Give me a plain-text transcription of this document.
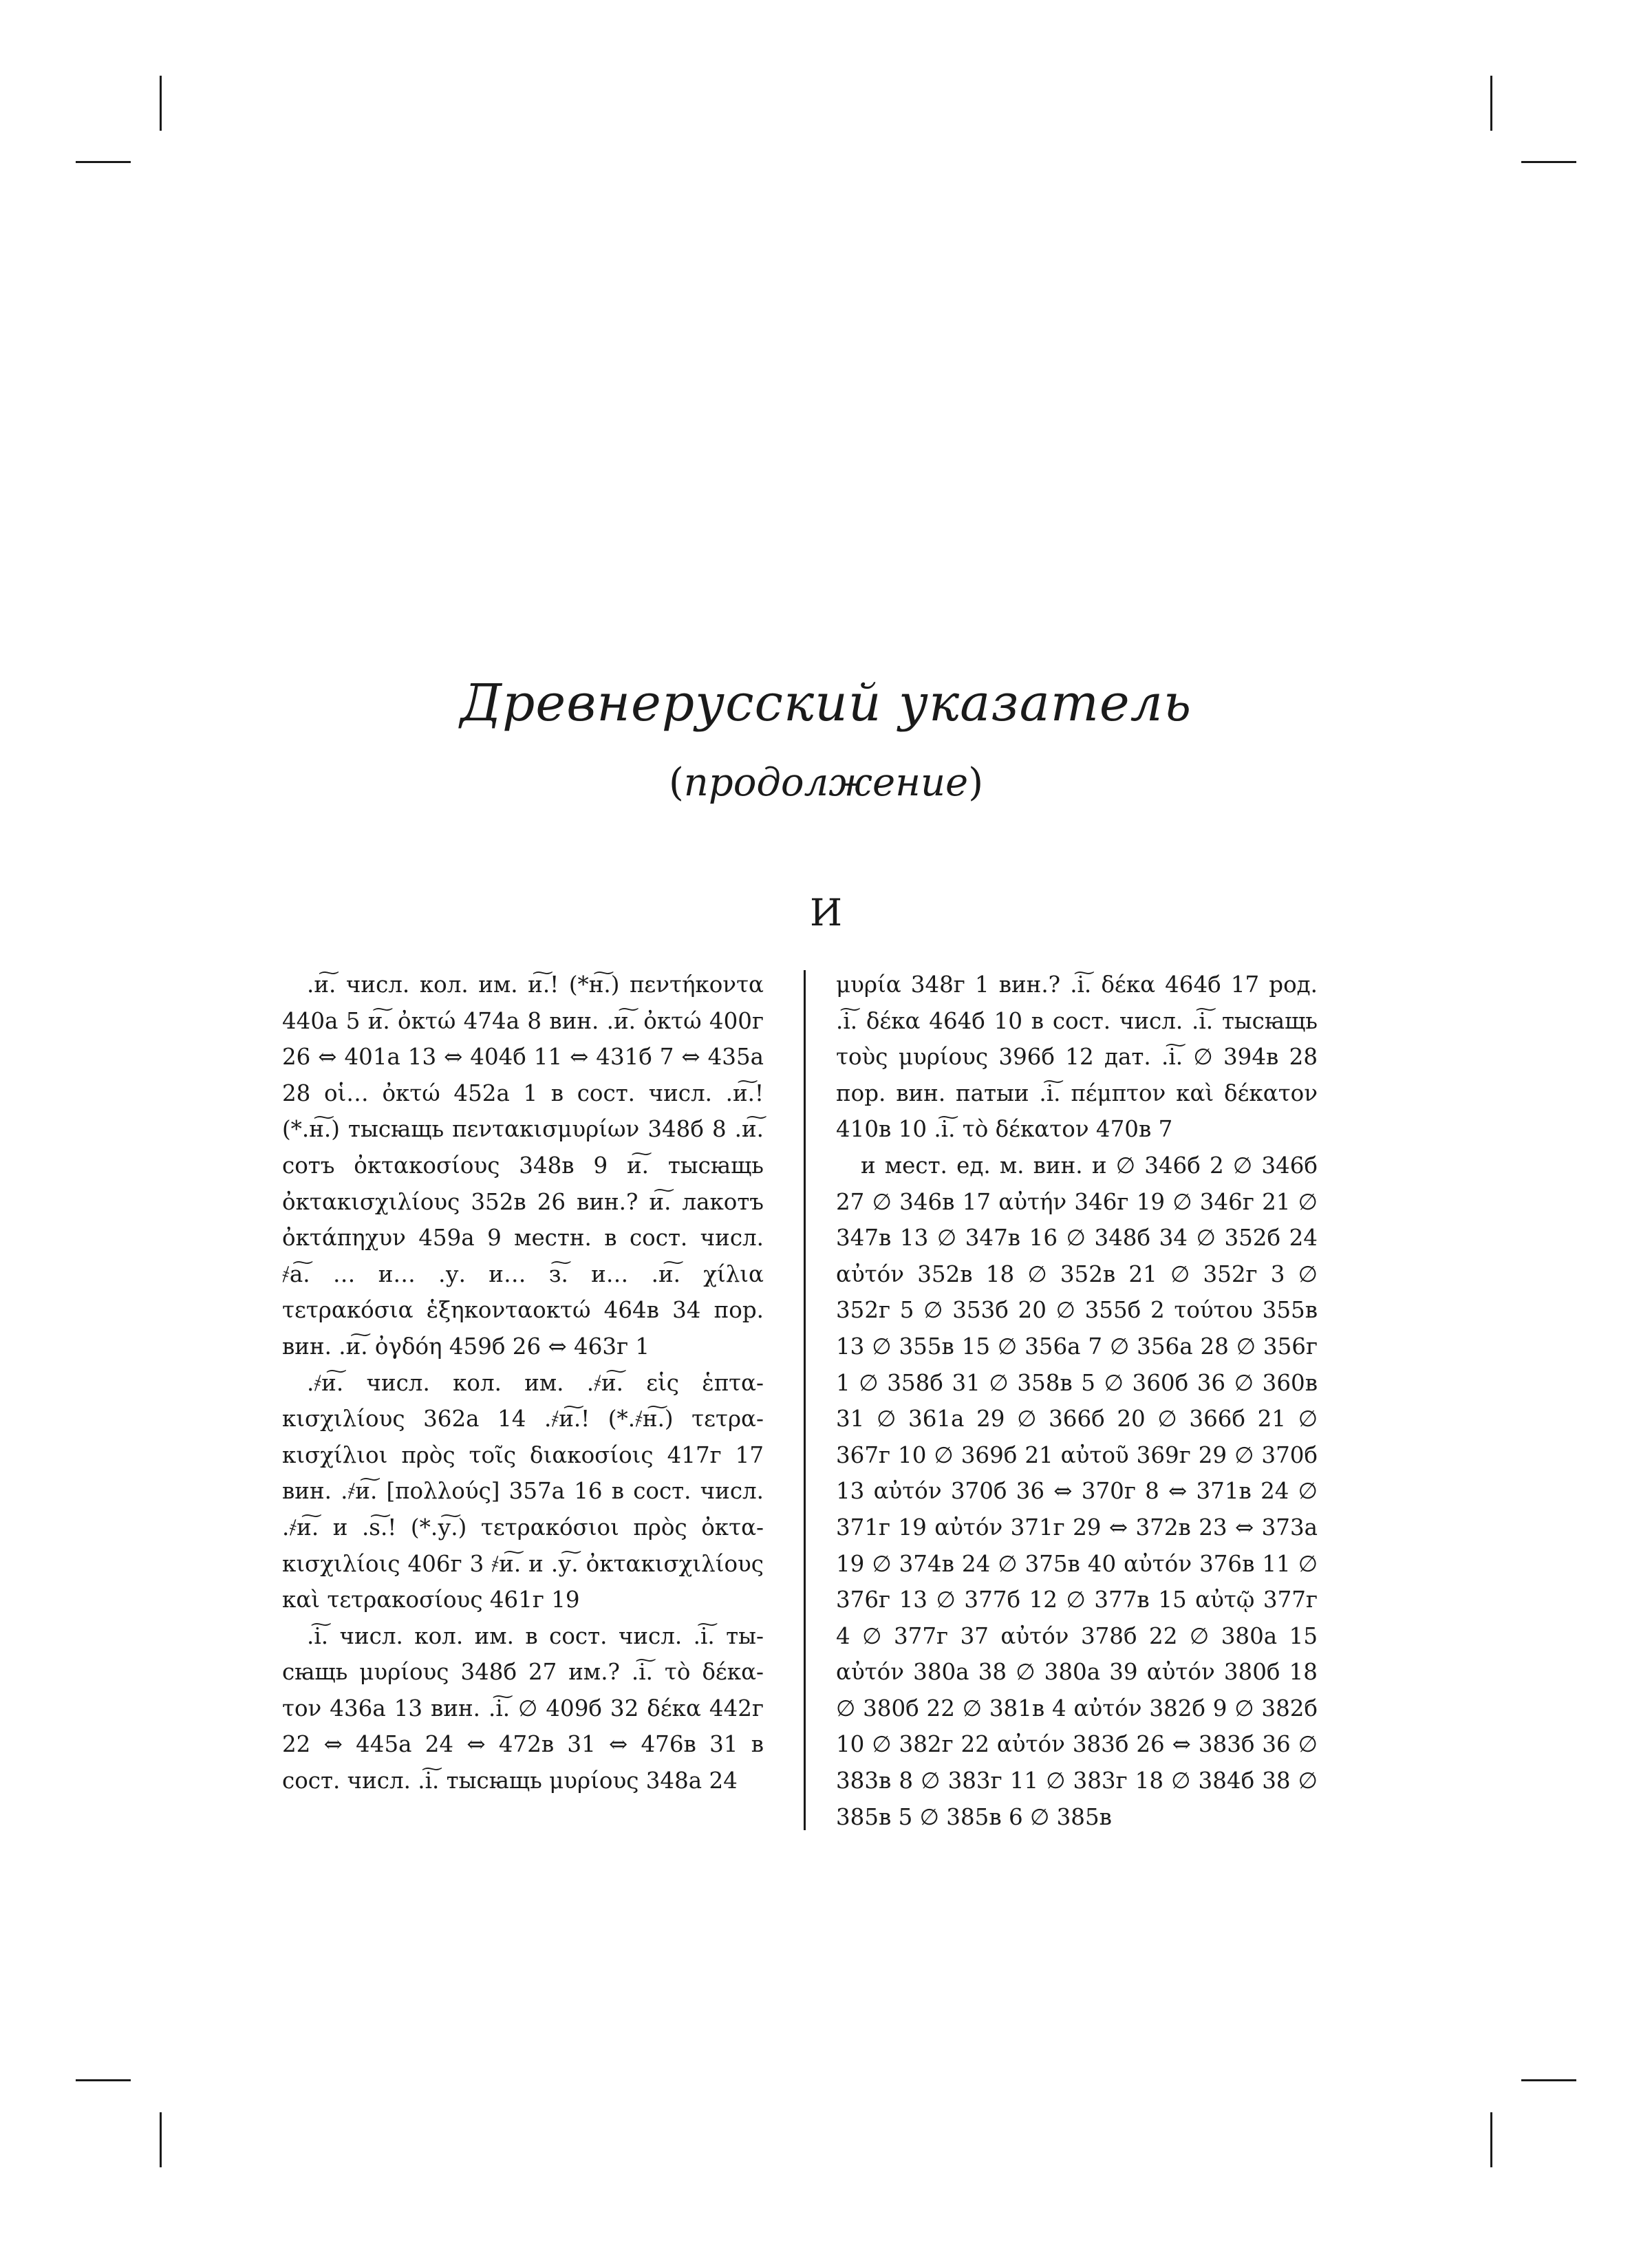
Древнерусский указатель
(продолжение)
И

.и͠. числ. кол. им. и͠.! (*н͠.) πεντήκοντα 440а 5 и͠. ὀκτώ 474а 8 вин. .и͠. ὀκτώ 400г 26 ⇔ 401а 13 ⇔ 404б 11 ⇔ 431б 7 ⇔ 435а 28 οἱ… ὀκτώ 452а 1 в сост. числ. .и͠.! (*.н͠.) тысꙗщь πεντακισμυρίων 348б 8 .и͠. сотъ ὀκτακοσίους 348в 9 и͠. тысꙗщь ὀκτακισχιλίους 352в 26 вин.? и͠. лакотъ ὀκτάπηχυν 459а 9 местн. в сост. числ. ҂а͠. … и… .у. и… з͠. и… .и͠. χίλια τετρακόσια ἑξηκονταοκτώ 464в 34 пор. вин. .и͠. ὀγδόη 459б 26 ⇔ 463г 1

.҂и͠. числ. кол. им. .҂и͠. εἱς ἑπτακισχιλίους 362а 14 .҂и͠.! (*.҂н͠.) τετρακισχίλιοι πρὸς τοῖς διακοσίοις 417г 17 вин. .҂и͠. [πολλούς] 357а 16 в сост. числ. .҂и͠. и .ѕ͠.! (*.у͠.) τετρακόσιοι πρὸς ὀκτακισχιλίοις 406г 3 ҂и͠. и .у͠. ὀκτακισχιλίους καὶ τετρακοσίους 461г 19

.і͠. числ. кол. им. в сост. числ. .і͠. тысꙗщь μυρίους 348б 27 им.? .і͠. τὸ δέκατον 436а 13 вин. .і͠. ∅ 409б 32 δέκα 442г 22 ⇔ 445а 24 ⇔ 472в 31 ⇔ 476в 31 в сост. числ. .і͠. тысꙗщь μυρίους 348а 24

μυρία 348г 1 вин.? .і͠. δέκα 464б 17 род. .і͠. δέκα 464б 10 в сост. числ. .і͠. тысꙗщь τοὺς μυρίους 396б 12 дат. .і͠. ∅ 394в 28 пор. вин. патыи .і͠. πέμπτον καὶ δέκατον 410в 10 .і͠. τὸ δέκατον 470в 7

и мест. ед. м. вин. и ∅ 346б 2 ∅ 346б 27 ∅ 346в 17 αὐτήν 346г 19 ∅ 346г 21 ∅ 347в 13 ∅ 347в 16 ∅ 348б 34 ∅ 352б 24 αὐτόν 352в 18 ∅ 352в 21 ∅ 352г 3 ∅ 352г 5 ∅ 353б 20 ∅ 355б 2 τούτου 355в 13 ∅ 355в 15 ∅ 356а 7 ∅ 356а 28 ∅ 356г 1 ∅ 358б 31 ∅ 358в 5 ∅ 360б 36 ∅ 360в 31 ∅ 361а 29 ∅ 366б 20 ∅ 366б 21 ∅ 367г 10 ∅ 369б 21 αὐτοῦ 369г 29 ∅ 370б 13 αὐτόν 370б 36 ⇔ 370г 8 ⇔ 371в 24 ∅ 371г 19 αὐτόν 371г 29 ⇔ 372в 23 ⇔ 373а 19 ∅ 374в 24 ∅ 375в 40 αὐτόν 376в 11 ∅ 376г 13 ∅ 377б 12 ∅ 377в 15 αὐτῷ 377г 4 ∅ 377г 37 αὐτόν 378б 22 ∅ 380а 15 αὐτόν 380а 38 ∅ 380а 39 αὐτόν 380б 18 ∅ 380б 22 ∅ 381в 4 αὐτόν 382б 9 ∅ 382б 10 ∅ 382г 22 αὐτόν 383б 26 ⇔ 383б 36 ∅ 383в 8 ∅ 383г 11 ∅ 383г 18 ∅ 384б 38 ∅ 385в 5 ∅ 385в 6 ∅ 385в
